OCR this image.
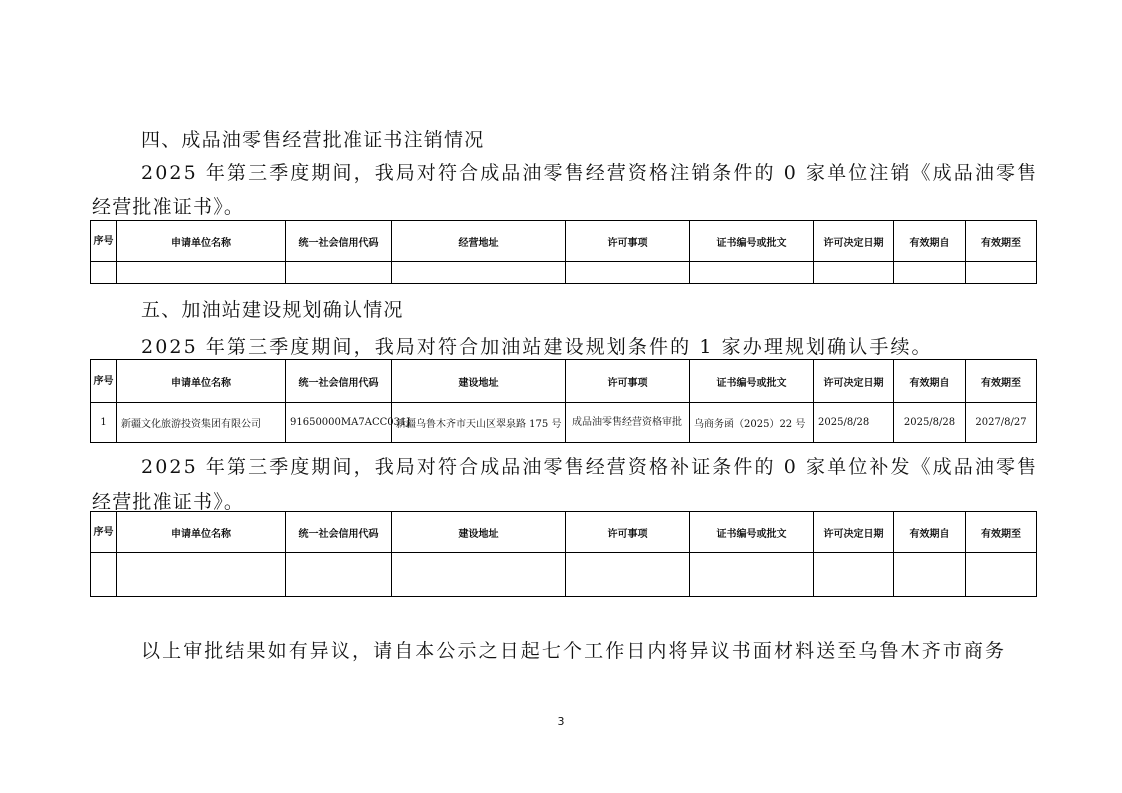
四、成品油零售经营批准证书注销情况

2025 年第三季度期间，我局对符合成品油零售经营资格注销条件的 0 家单位注销《成品油零售

经营批准证书》。

序号	申请单位名称	统一社会信用代码	经营地址	许可事项	证书编号或批文	许可决定日期	有效期自	有效期至

五、加油站建设规划确认情况

2025 年第三季度期间，我局对符合加油站建设规划条件的 1 家办理规划确认手续。

序号	申请单位名称	统一社会信用代码	建设地址	许可事项	证书编号或批文	许可决定日期	有效期自	有效期至
1	新疆文化旅游投资集团有限公司	91650000MA7ACC031J	新疆乌鲁木齐市天山区翠泉路 175 号	成品油零售经营资格审批	乌商务函（2025）22 号	2025/8/28	2025/8/28	2027/8/27

2025 年第三季度期间，我局对符合成品油零售经营资格补证条件的 0 家单位补发《成品油零售

经营批准证书》。

序号	申请单位名称	统一社会信用代码	建设地址	许可事项	证书编号或批文	许可决定日期	有效期自	有效期至

以上审批结果如有异议，请自本公示之日起七个工作日内将异议书面材料送至乌鲁木齐市商务

3
